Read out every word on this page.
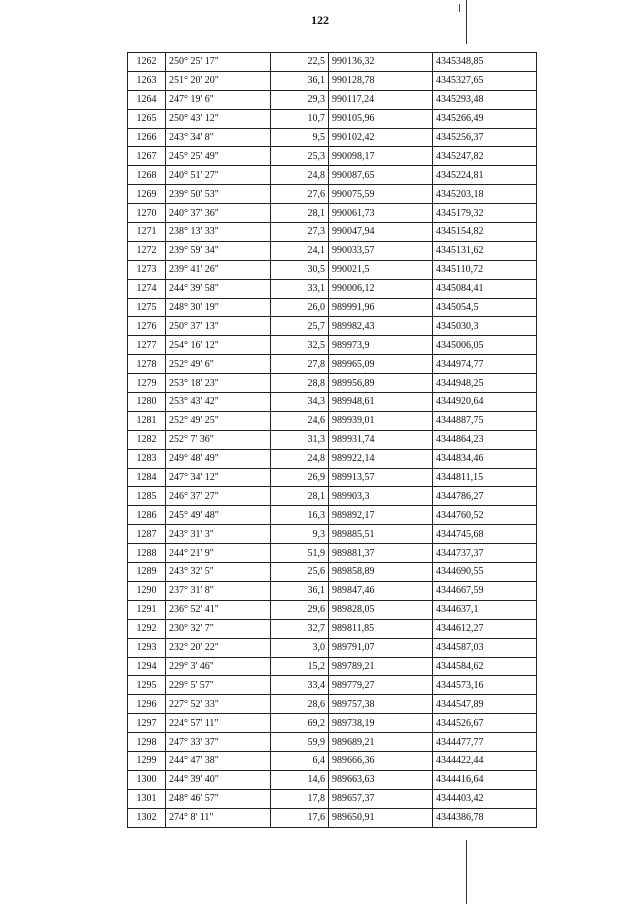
122
1262	250° 25' 17"	22,5	990136,32	4345348,85
1263	251° 20' 20"	36,1	990128,78	4345327,65
1264	247° 19' 6"	29,3	990117,24	4345293,48
1265	250° 43' 12"	10,7	990105,96	4345266,49
1266	243° 34' 8"	9,5	990102,42	4345256,37
1267	245° 25' 49"	25,3	990098,17	4345247,82
1268	240° 51' 27"	24,8	990087,65	4345224,81
1269	239° 50' 53"	27,6	990075,59	4345203,18
1270	240° 37' 36"	28,1	990061,73	4345179,32
1271	238° 13' 33"	27,3	990047,94	4345154,82
1272	239° 59' 34"	24,1	990033,57	4345131,62
1273	239° 41' 26"	30,5	990021,5	4345110,72
1274	244° 39' 58"	33,1	990006,12	4345084,41
1275	248° 30' 19"	26,0	989991,96	4345054,5
1276	250° 37' 13"	25,7	989982,43	4345030,3
1277	254° 16' 12"	32,5	989973,9	4345006,05
1278	252° 49' 6"	27,8	989965,09	4344974,77
1279	253° 18' 23"	28,8	989956,89	4344948,25
1280	253° 43' 42"	34,3	989948,61	4344920,64
1281	252° 49' 25"	24,6	989939,01	4344887,75
1282	252° 7' 36"	31,3	989931,74	4344864,23
1283	249° 48' 49"	24,8	989922,14	4344834,46
1284	247° 34' 12"	26,9	989913,57	4344811,15
1285	246° 37' 27"	28,1	989903,3	4344786,27
1286	245° 49' 48"	16,3	989892,17	4344760,52
1287	243° 31' 3"	9,3	989885,51	4344745,68
1288	244° 21' 9"	51,9	989881,37	4344737,37
1289	243° 32' 5"	25,6	989858,89	4344690,55
1290	237° 31' 8"	36,1	989847,46	4344667,59
1291	236° 52' 41"	29,6	989828,05	4344637,1
1292	230° 32' 7"	32,7	989811,85	4344612,27
1293	232° 20' 22"	3,0	989791,07	4344587,03
1294	229° 3' 46"	15,2	989789,21	4344584,62
1295	229° 5' 57"	33,4	989779,27	4344573,16
1296	227° 52' 33"	28,6	989757,38	4344547,89
1297	224° 57' 11"	69,2	989738,19	4344526,67
1298	247° 33' 37"	59,9	989689,21	4344477,77
1299	244° 47' 38"	6,4	989666,36	4344422,44
1300	244° 39' 40"	14,6	989663,63	4344416,64
1301	248° 46' 57"	17,8	989657,37	4344403,42
1302	274° 8' 11"	17,6	989650,91	4344386,78
